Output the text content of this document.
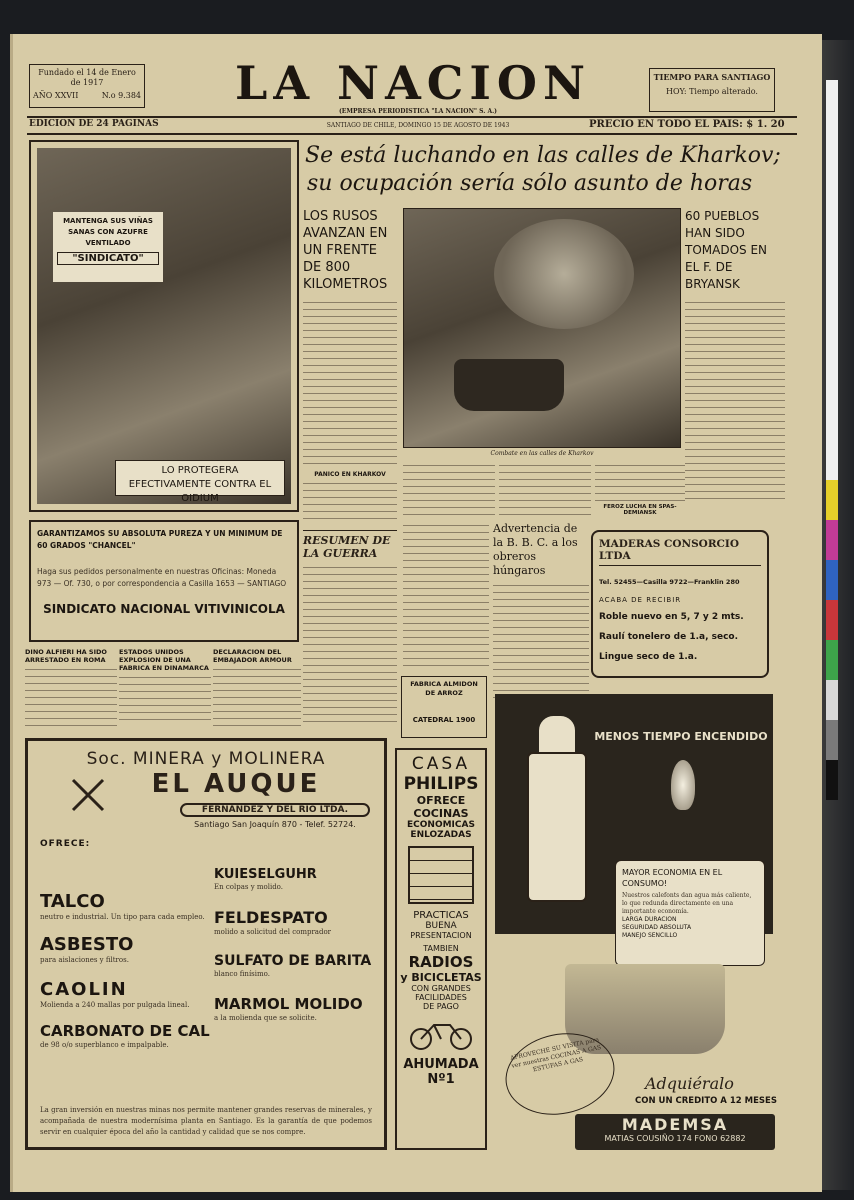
Fundado el 14 de Enero de 1917
AÑO XXVII	N.o 9.384	LA NACION
(EMPRESA PERIODISTICA "LA NACION" S. A.)
TIEMPO PARA SANTIAGO
HOY: Tiempo alterado.
EDICION DE 24 PAGINAS	SANTIAGO DE CHILE, DOMINGO 15 DE AGOSTO DE 1943	PRECIO EN TODO EL PAIS: $ 1. 20
MANTENGA SUS VIÑAS SANAS CON AZUFRE VENTILADO
"SINDICATO"
LO PROTEGERA EFECTIVAMENTE CONTRA EL OIDIUM
GARANTIZAMOS SU ABSOLUTA PUREZA Y UN MINIMUM DE 60 GRADOS "CHANCEL"
Haga sus pedidos personalmente en nuestras Oficinas: Moneda 973 — Of. 730, o por correspondencia a Casilla 1653 — SANTIAGO
SINDICATO NACIONAL VITIVINICOLA
DINO ALFIERI HA SIDO ARRESTADO EN ROMA
ESTADOS UNIDOS EXPLOSION DE UNA FABRICA EN DINAMARCA
DECLARACION DEL EMBAJADOR ARMOUR
Se está luchando en las calles de Kharkov;
su ocupación sería sólo asunto de horas
LOS RUSOS AVANZAN EN UN FRENTE DE 800 KILOMETROS
PANICO EN KHARKOV
RESUMEN DE LA GUERRA
Combate en las calles de Kharkov
60 PUEBLOS HAN SIDO TOMADOS EN EL F. DE BRYANSK
FEROZ LUCHA EN SPAS-DEMIANSK
Advertencia de la B. B. C. a los obreros húngaros
FABRICA ALMIDON DE ARROZ
CATEDRAL 1900
MADERAS CONSORCIO LTDA
Tel. 52455—Casilla 9722—Franklin 280
ACABA DE RECIBIR
Roble nuevo en 5, 7 y 2 mts.
Raulí tonelero de 1.a, seco.
Lingue seco de 1.a.
Soc. MINERA y MOLINERA
EL AUQUE
FERNANDEZ Y DEL RIO LTDA.
Santiago San Joaquín 870 - Telef. 52724.
OFRECE:
TALCO
neutro e industrial. Un tipo para cada empleo.
ASBESTO
para aislaciones y filtros.
CAOLIN
Molienda a 240 mallas por pulgada lineal.
CARBONATO DE CAL
de 98 o/o superblanco e impalpable.
KUIESELGUHR
En colpas y molido.
FELDESPATO
molido a solicitud del comprador
SULFATO DE BARITA
blanco finísimo.
MARMOL MOLIDO
a la molienda que se solicite.
La gran inversión en nuestras minas nos permite mantener grandes reservas de minerales, y acompañada de nuestra modernísima planta en Santiago. Es la garantía de que podemos servir en cualquier época del año la cantidad y calidad que se nos compre.
CASA
PHILIPS
OFRECE
COCINAS
ECONOMICAS
ENLOZADAS
PRACTICAS
BUENA
PRESENTACION
TAMBIEN
RADIOS
y BICICLETAS
CON GRANDES
FACILIDADES
DE PAGO
AHUMADA Nº1
MENOS TIEMPO ENCENDIDO
MAYOR ECONOMIA EN EL CONSUMO!
Nuestros calefonts dan agua más caliente, lo que redunda directamente en una importante economía.
LARGA DURACION
SEGURIDAD ABSOLUTA
MANEJO SENCILLO
APROVECHE SU VISITA para ver nuestras COCINAS A GAS ESTUFAS A GAS
Adquiéralo
CON UN CREDITO A 12 MESES
MADEMSA
MATIAS COUSIÑO 174 FONO 62882
